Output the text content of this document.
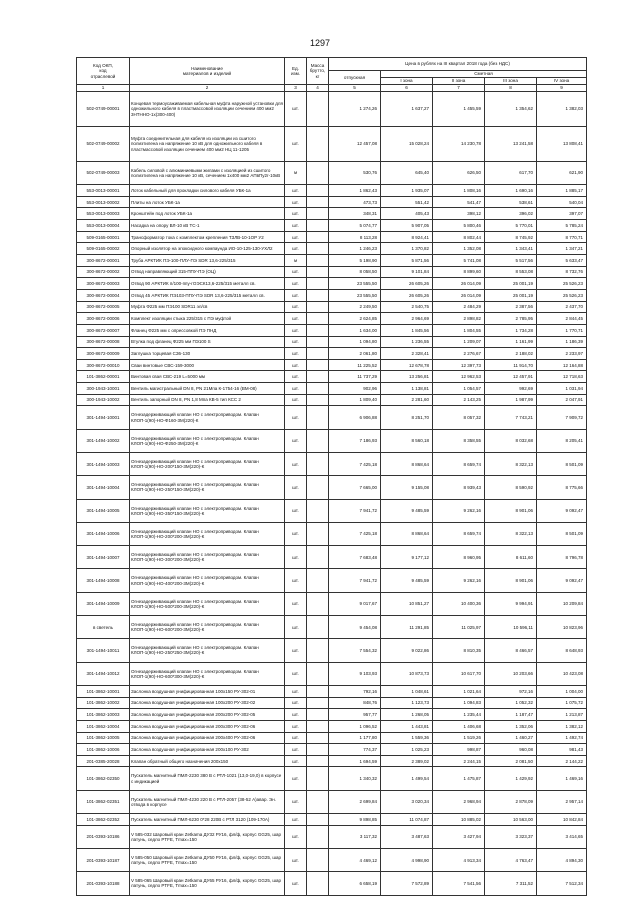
1297
Код ОКП,
код
отраслевой	Наименование
материалов и изделий	Ед.
изм.	Масса
брутто,
кг	Цена в рублях на III квартал 2018 года (без НДС)				
				отпускная	Сметная			
					I зона	II зона	III зона	IV зона
1	2	3	4	5	6	7	8	9
502-0749-00001	Концевая термоусаживаемая кабельная муфта наружной установки для одножильного кабеля в пластмассовой изоляции сечением 400 мм2 3НТННО-1х(300-400)	шт.		1 274,26	1 637,27	1 455,59	1 354,62	1 382,03
502-0749-00002	Муфта соединительная для кабеля из изоляции из сшитого полиэтилена на напряжение 10 кВ для одножильного кабеля в пластмассовой изоляции сечением 400 мм2 НЦ 11-1205	шт.		12 457,08	15 028,24	14 230,78	13 241,58	13 808,41
502-0749-00003	Кабель силовой с алюминиевыми жилами с изоляцией из сшитого полиэтилена на напряжение 10 кВ, сечением 1х400 мм2 АПвПу2г-10кВ	м		530,76	645,40	626,50	617,70	621,90
553-0013-00001	Лоток кабельный для прокладки силового кабеля УБК-1а	шт.		1 862,43	1 935,07	1 808,16	1 690,16	1 885,17
553-0013-00002	Плиты на лоток УБК-1а	шт.		473,73	551,42	541,47	538,61	540,04
553-0013-00003	Кронштейн под лоток УБК-1а	шт.		348,31	405,43	398,12	396,02	397,07
553-0013-00004	Насадка на опору ВЛ-10 кВ ТС-1	шт.		5 074,77	5 907,05	5 800,46	5 770,01	5 785,24
509-0165-00001	Трансформатор тока с комплектом крепления ТЗЛВ-10-1ОР У2	шт.		8 113,28	8 924,41	8 802,44	8 745,92	8 770,71
509-0165-00002	Опорный изолятор на эпоксидного компаунда ИО-10-125-130-УХЛ2	шт.		1 246,23	1 370,82	1 352,08	1 343,41	1 347,21
300-8672-00001	Труба АРКТИК ПЭ-100-ПЛУ-ПЭ SDR 13,6-225/315	м		5 198,90	5 871,56	5 741,08	5 517,56	5 633,47
300-8672-00002	Отвод направляющий 315-ППУ-ПЭ (ОЦ)	шт.		8 058,50	9 101,84	8 899,60	8 553,08	8 732,76
300-8672-00003	Отвод 90 АРКТИК п/100-ппу-гОЭСК13,6-225/315 металл св.	шт.		23 555,50	26 605,26	26 014,09	25 001,19	25 526,23
300-8672-00004	Отвод 45 АРКТИК ПЭ103-ППУ-ПЭ SDR 13,6-225/315 металл св.	шт.		23 555,50	26 605,26	26 014,09	25 001,19	25 526,23
300-8672-00005	Муфта Ф225 мм ПЭ100 SDR11 эл/св	шт.		2 249,50	2 540,75	2 484,29	2 387,56	2 437,70
300-8672-00006	Комплект изоляции стыка 225/315 с ПЭ муфтой	шт.		2 624,85	2 964,69	2 898,82	2 785,95	2 844,45
300-8672-00007	Фланец Ф225 мм с опрессовкой ПЭ ПНД	шт.		1 634,00	1 845,56	1 804,55	1 734,28	1 770,71
300-8672-00008	Втулка под фланец Ф225 мм ПЭ100 S	шт.		1 094,80	1 236,55	1 209,07	1 161,99	1 186,39
300-8672-00009	Заглушка торцевая СЗ6-130	шт.		2 061,80	2 328,41	2 276,67	2 188,02	2 233,97
300-8672-00010	Сваи винтовые СВС-159-3000	шт.		11 225,52	12 678,78	12 397,73	11 914,70	12 164,88
101-3862-00001	Винтовая свая СВС-219 L=5000 мм	шт.		11 737,29	13 256,81	12 962,53	12 457,91	12 718,63
300-1943-10001	Вентиль магистральный DN 8, PN 21Мпа К-1754-16 (ВМ-08)	шт.		902,96	1 138,81	1 054,57	992,69	1 031,94
300-1943-10002	Вентиль запорный DN 8, PN 1,8 Мпа КВ-5 тип КСС 2	шт.		1 809,40	2 281,60	2 143,25	1 987,99	2 047,91
301-1494-10001	Огнезадерживающий клапан НО с электроприводом. Клапан КЛОП-1(90)-НО-Ф160-3М(220)-К	шт.		6 906,88	8 251,70	8 057,32	7 743,21	7 909,72
301-1494-10002	Огнезадерживающий клапан НО с электроприводом. Клапан КЛОП-1(90)-НО-Ф250-3М(220)-К	шт.		7 186,93	8 560,18	8 358,55	8 032,68	8 205,41
301-1494-10003	Огнезадерживающий клапан НО с электроприводом. Клапан КЛОП-1(90)-НО-200*150-3М(220)-К	шт.		7 425,18	8 868,64	8 659,74	8 322,13	8 501,09
301-1494-10004	Огнезадерживающий клапан НО с электроприводом. Клапан КЛОП-1(90)-НО-250*150-3М(220)-К	шт.		7 665,00	9 155,08	8 939,43	8 590,92	8 775,66
301-1494-10005	Огнезадерживающий клапан НО с электроприводом. Клапан КЛОП-1(90)-НО-350*150-3М(220)-К	шт.		7 941,72	9 485,59	9 262,16	8 901,06	9 092,47
301-1494-10006	Огнезадерживающий клапан НО с электроприводом. Клапан КЛОП-1(90)-НО-200*200-3М(220)-К	шт.		7 425,18	8 868,64	8 659,74	8 322,13	8 501,09
301-1494-10007	Огнезадерживающий клапан НО с электроприводом. Клапан КЛОП-1(90)-НО-300*200-3М(220)-К	шт.		7 683,48	9 177,12	8 960,95	8 611,60	8 796,78
301-1494-10008	Огнезадерживающий клапан НО с электроприводом. Клапан КЛОП-1(90)-НО-400*200-3М(220)-К	шт.		7 941,72	9 485,59	9 262,16	8 901,06	9 092,47
301-1494-10009	Огнезадерживающий клапан НО с электроприводом. Клапан КЛОП-1(90)-НО-500*200-3М(220)-К	шт.		9 017,67	10 851,27	10 400,36	9 994,91	10 209,84
в светель	Огнезадерживающий клапан НО с электроприводом. Клапан КЛОП-1(90)-НО-600*200-3М(220)-К	шт.		9 454,08	11 291,85	11 025,97	10 596,11	10 823,96
301-1494-10011	Огнезадерживающий клапан НО с электроприводом. Клапан КЛОП-1(90)-НО-250*250-3М(220)-К	шт.		7 554,32	9 022,86	8 810,35	8 466,57	8 648,93
301-1494-10012	Огнезадерживающий клапан НО с электроприводом. Клапан КЛОП-1(90)-НО-600*300-3М(220)-К	шт.		9 103,93	10 873,73	10 617,70	10 203,66	10 423,08
101-3862-10001	Заслонка воздушная унифицированная 100х150 РУ-302-01	шт.		792,16	1 048,61	1 021,64	972,16	1 004,00
101-3862-10002	Заслонка воздушная унифицированная 100х200 РУ-302-02	шт.		848,76	1 123,73	1 094,83	1 052,32	1 075,72
101-3862-10003	Заслонка воздушная унифицированная 200х200 РУ-302-05	шт.		957,77	1 268,05	1 235,44	1 187,47	1 213,87
101-3862-10004	Заслонка воздушная унифицированная 200х300 РУ-302-06	шт.		1 096,52	1 443,81	1 406,68	1 352,06	1 382,12
101-3862-10005	Заслонка воздушная унифицированная 200х400 РУ-302-06	шт.		1 177,80	1 559,36	1 519,26	1 460,27	1 492,74
101-3862-10006	Заслонка воздушная унифицированная 200х100 РУ-302	шт.		774,37	1 025,23	998,87	960,08	981,43
201-0385-20028	Клапан обратный общего назначения 200х150	шт.		1 694,59	2 389,02	2 244,15	2 081,50	2 144,22
101-3862-02350	Пускатель магнитный ПМЛ-2230 380 В с РТЛ-1021 (13,0-19,0) в корпусе с индикацией	шт.		1 340,32	1 499,54	1 475,87	1 429,92	1 469,16
101-3862-02351	Пускатель магнитный ПМЛ-4230 220 В с РТЛ-2057 (38-52 А)авар. Эн. отвода в корпусе	шт.		2 699,84	3 020,34	2 968,94	2 878,09	2 957,14
101-3862-02352	Пускатель магнитный ПМЛ-6230 0*28 220В с РТЛ 3120 (109-170А)	шт.		9 898,85	11 074,87	10 885,02	10 563,00	10 842,84
201-0393-10186	V 585-032 Шаровый кран Zetkama ДУ32 РУ16, фл/ф, корпус GG25, шар латунь, седло PTFE, Tmax=150	шт.		3 117,32	3 487,63	3 427,94	3 323,37	3 414,65
201-0393-10187	V 585-050 Шаровый кран Zetkama ДУ50 РУ16, фл/ф, корпус GG25, шар латунь, седло PTFE, Tmax=150	шт.		4 469,12	4 998,90	4 913,34	4 763,47	4 894,30
201-0393-10188	V 585-065 Шаровый кран Zetkama ДУ65 РУ16, фл/ф, корпус GG25, шар латунь, седло PTFE, Tmax=150	шт.		6 658,19	7 572,89	7 541,56	7 311,52	7 512,34
